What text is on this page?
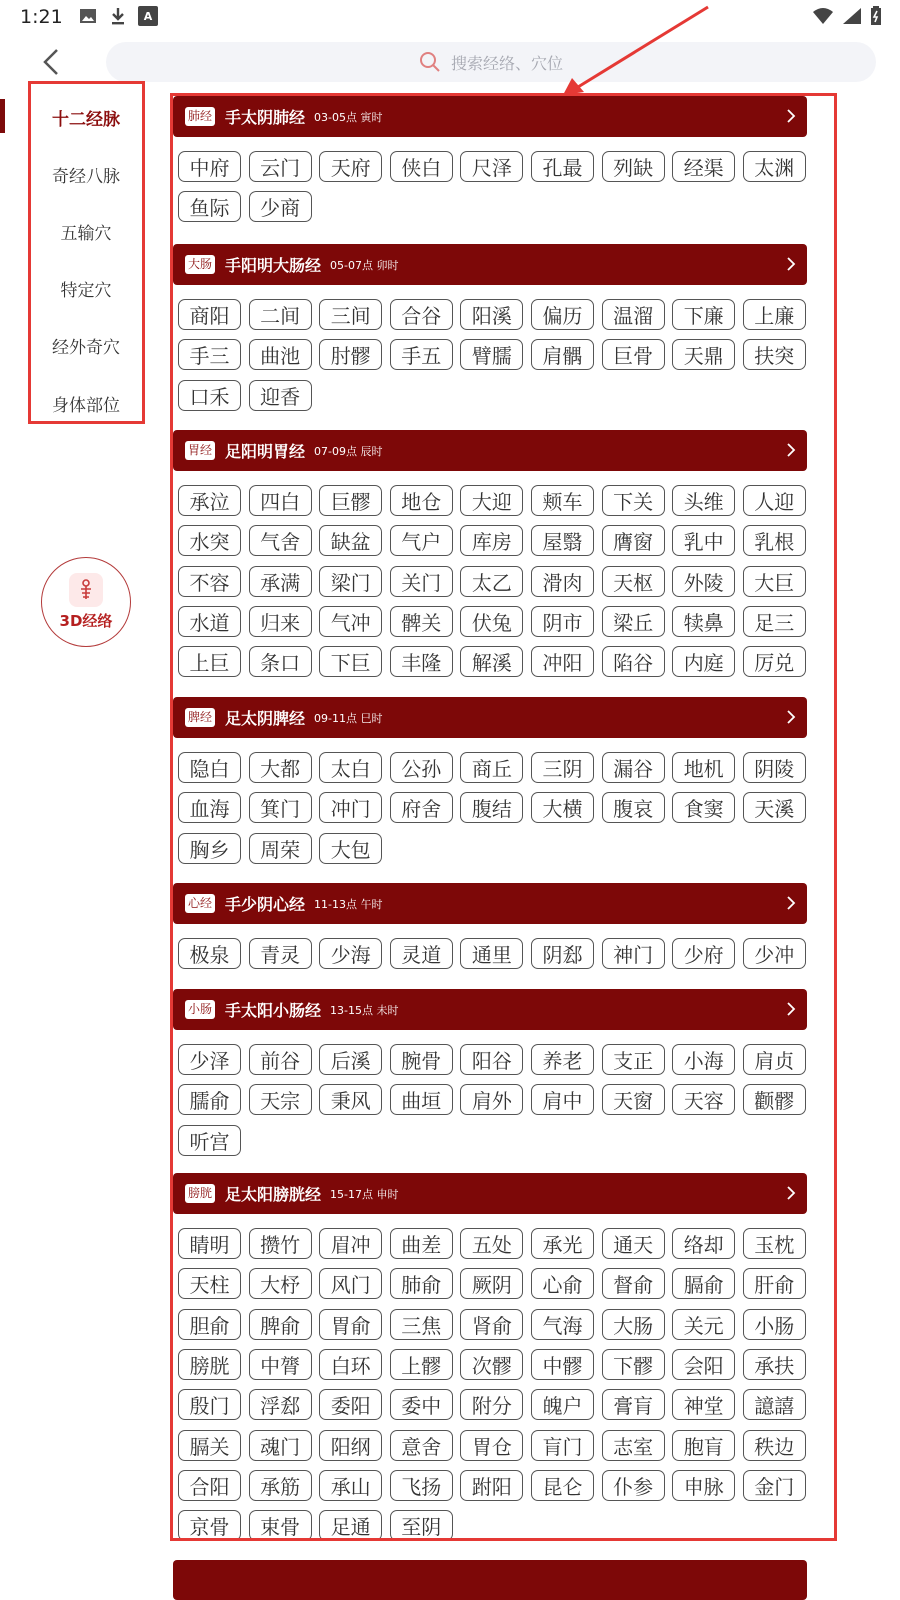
1:21	A
搜索经络、穴位
十二经脉
奇经八脉
五输穴
特定穴
经外奇穴
身体部位
3D经络
肺经 手太阴肺经 03-05点 寅时
中府	云门	天府	侠白	尺泽	孔最	列缺	经渠	太渊
鱼际	少商
大肠 手阳明大肠经 05-07点 卯时
商阳	二间	三间	合谷	阳溪	偏历	温溜	下廉	上廉
手三	曲池	肘髎	手五	臂臑	肩髃	巨骨	天鼎	扶突
口禾	迎香
胃经 足阳明胃经 07-09点 辰时
承泣	四白	巨髎	地仓	大迎	颊车	下关	头维	人迎
水突	气舍	缺盆	气户	库房	屋翳	膺窗	乳中	乳根
不容	承满	梁门	关门	太乙	滑肉	天枢	外陵	大巨
水道	归来	气冲	髀关	伏兔	阴市	梁丘	犊鼻	足三
上巨	条口	下巨	丰隆	解溪	冲阳	陷谷	内庭	厉兑
脾经 足太阴脾经 09-11点 巳时
隐白	大都	太白	公孙	商丘	三阴	漏谷	地机	阴陵
血海	箕门	冲门	府舍	腹结	大横	腹哀	食窦	天溪
胸乡	周荣	大包
心经 手少阴心经 11-13点 午时
极泉	青灵	少海	灵道	通里	阴郄	神门	少府	少冲
小肠 手太阳小肠经 13-15点 未时
少泽	前谷	后溪	腕骨	阳谷	养老	支正	小海	肩贞
臑俞	天宗	秉风	曲垣	肩外	肩中	天窗	天容	颧髎
听宫
膀胱 足太阳膀胱经 15-17点 申时
睛明	攒竹	眉冲	曲差	五处	承光	通天	络却	玉枕
天柱	大杼	风门	肺俞	厥阴	心俞	督俞	膈俞	肝俞
胆俞	脾俞	胃俞	三焦	肾俞	气海	大肠	关元	小肠
膀胱	中膂	白环	上髎	次髎	中髎	下髎	会阳	承扶
殷门	浮郄	委阳	委中	附分	魄户	膏肓	神堂	譩譆
膈关	魂门	阳纲	意舍	胃仓	肓门	志室	胞肓	秩边
合阳	承筋	承山	飞扬	跗阳	昆仑	仆参	申脉	金门
京骨	束骨	足通	至阴
